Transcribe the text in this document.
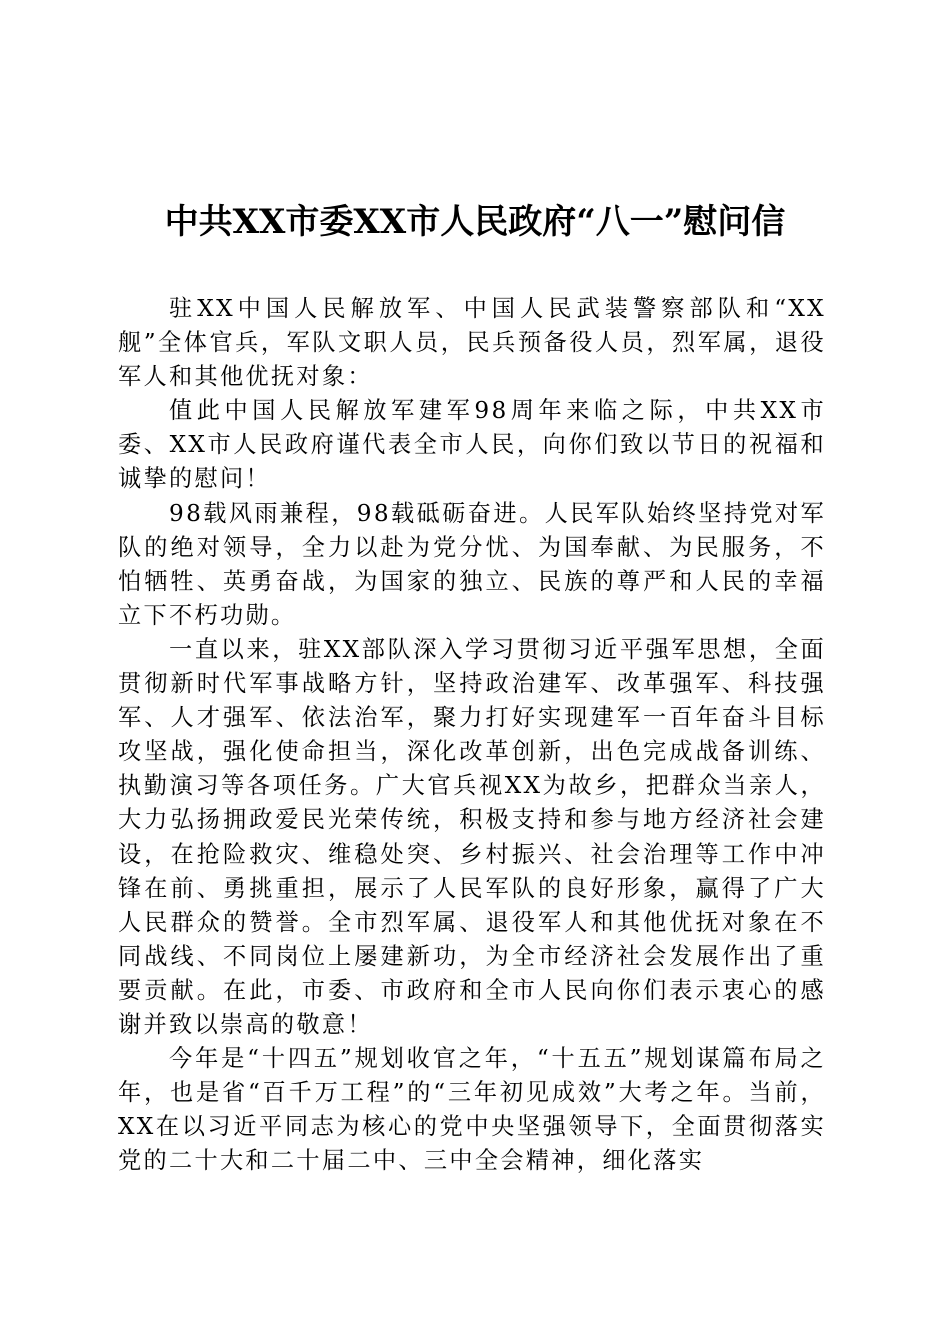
中共XX市委XX市人民政府“八一”慰问信

驻XX中国人民解放军、中国人民武装警察部队和“XX舰”全体官兵，军队文职人员，民兵预备役人员，烈军属，退役军人和其他优抚对象：

值此中国人民解放军建军98周年来临之际，中共XX市委、XX市人民政府谨代表全市人民，向你们致以节日的祝福和诚挚的慰问！

98载风雨兼程，98载砥砺奋进。人民军队始终坚持党对军队的绝对领导，全力以赴为党分忧、为国奉献、为民服务，不怕牺牲、英勇奋战，为国家的独立、民族的尊严和人民的幸福立下不朽功勋。

一直以来，驻XX部队深入学习贯彻习近平强军思想，全面贯彻新时代军事战略方针，坚持政治建军、改革强军、科技强军、人才强军、依法治军，聚力打好实现建军一百年奋斗目标攻坚战，强化使命担当，深化改革创新，出色完成战备训练、执勤演习等各项任务。广大官兵视XX为故乡，把群众当亲人，大力弘扬拥政爱民光荣传统，积极支持和参与地方经济社会建设，在抢险救灾、维稳处突、乡村振兴、社会治理等工作中冲锋在前、勇挑重担，展示了人民军队的良好形象，赢得了广大人民群众的赞誉。全市烈军属、退役军人和其他优抚对象在不同战线、不同岗位上屡建新功，为全市经济社会发展作出了重要贡献。在此，市委、市政府和全市人民向你们表示衷心的感谢并致以崇高的敬意！

今年是“十四五”规划收官之年，“十五五”规划谋篇布局之年，也是省“百千万工程”的“三年初见成效”大考之年。当前，XX在以习近平同志为核心的党中央坚强领导下，全面贯彻落实党的二十大和二十届二中、三中全会精神，细化落实
